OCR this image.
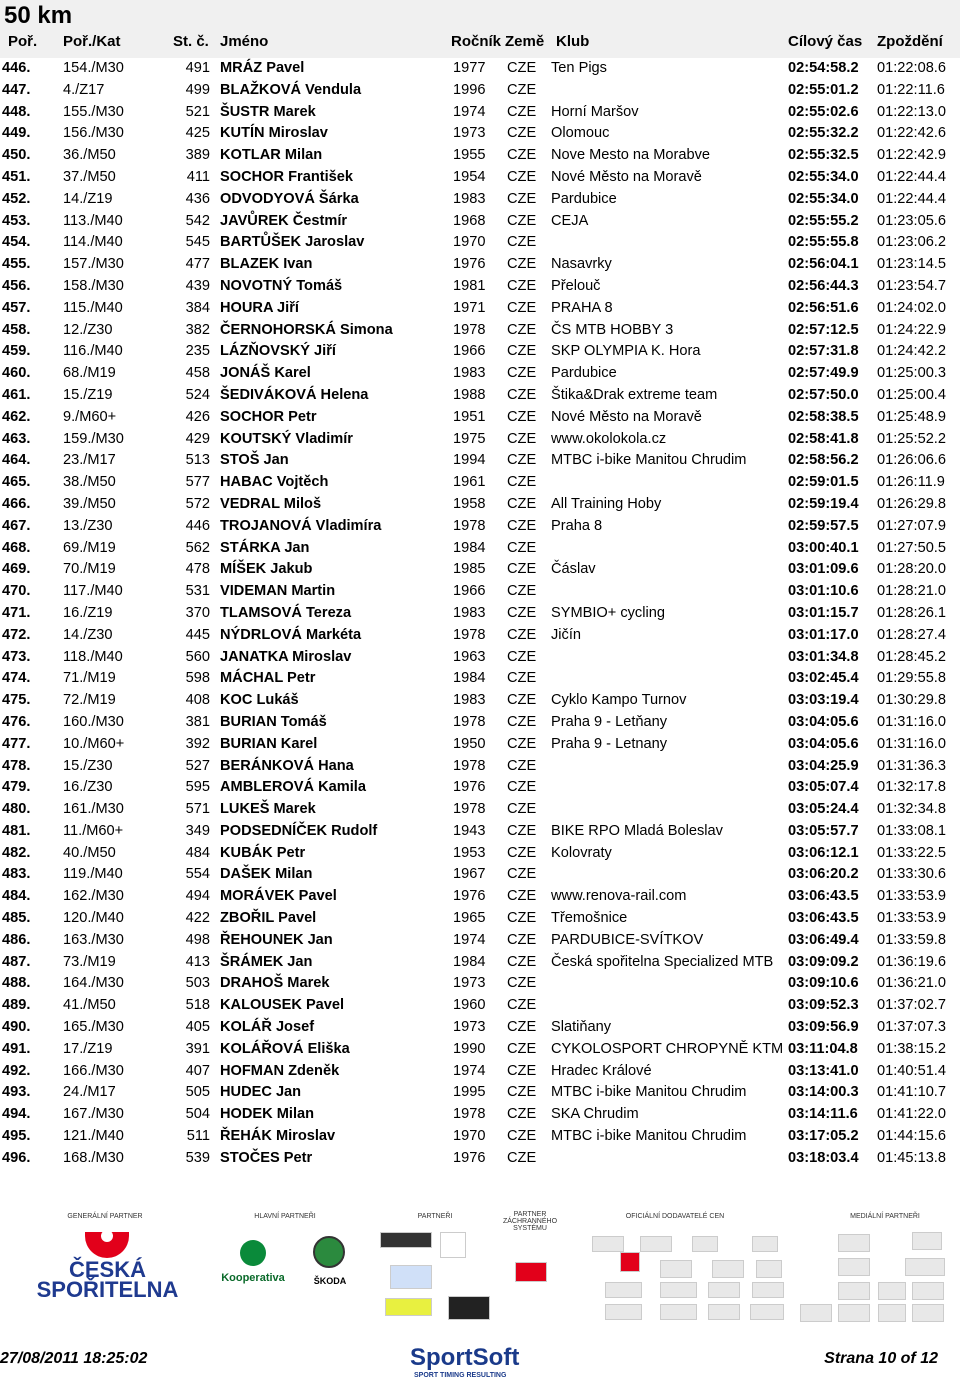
50 km
Poř. Poř./Kat	St. č. Jméno	Ročník Země Klub	Cílový čas Zpoždění
446. 154./M30	491 MRÁZ Pavel	1977 CZE Ten Pigs	02:54:58.2 01:22:08.6
447. 4./Z17	499 BLAŽKOVÁ Vendula	1996 CZE	02:55:01.2 01:22:11.6
448. 155./M30	521 ŠUSTR Marek	1974 CZE Horní Maršov	02:55:02.6 01:22:13.0
449. 156./M30	425 KUTÍN Miroslav	1973 CZE Olomouc	02:55:32.2 01:22:42.6
450. 36./M50	389 KOTLAR Milan	1955 CZE Nove Mesto na Morabve	02:55:32.5 01:22:42.9
451. 37./M50	411 SOCHOR František	1954 CZE Nové Město na Moravě	02:55:34.0 01:22:44.4
452. 14./Z19	436 ODVODYOVÁ Šárka	1983 CZE Pardubice	02:55:34.0 01:22:44.4
453. 113./M40	542 JAVŮREK Čestmír	1968 CZE CEJA	02:55:55.2 01:23:05.6
454. 114./M40	545 BARTŮŠEK Jaroslav	1970 CZE	02:55:55.8 01:23:06.2
455. 157./M30	477 BLAZEK Ivan	1976 CZE Nasavrky	02:56:04.1 01:23:14.5
456. 158./M30	439 NOVOTNÝ Tomáš	1981 CZE Přelouč	02:56:44.3 01:23:54.7
457. 115./M40	384 HOURA Jiří	1971 CZE PRAHA 8	02:56:51.6 01:24:02.0
458. 12./Z30	382 ČERNOHORSKÁ Simona	1978 CZE ČS MTB HOBBY 3	02:57:12.5 01:24:22.9
459. 116./M40	235 LÁZŇOVSKÝ Jiří	1966 CZE SKP OLYMPIA K. Hora	02:57:31.8 01:24:42.2
460. 68./M19	458 JONÁŠ Karel	1983 CZE Pardubice	02:57:49.9 01:25:00.3
461. 15./Z19	524 ŠEDIVÁKOVÁ Helena	1988 CZE Štika&Drak extreme team	02:57:50.0 01:25:00.4
462. 9./M60+	426 SOCHOR Petr	1951 CZE Nové Město na Moravě	02:58:38.5 01:25:48.9
463. 159./M30	429 KOUTSKÝ Vladimír	1975 CZE www.okolokola.cz	02:58:41.8 01:25:52.2
464. 23./M17	513 STOŠ Jan	1994 CZE MTBC i-bike Manitou Chrudim	02:58:56.2 01:26:06.6
465. 38./M50	577 HABAC Vojtěch	1961 CZE	02:59:01.5 01:26:11.9
466. 39./M50	572 VEDRAL Miloš	1958 CZE All Training Hoby	02:59:19.4 01:26:29.8
467. 13./Z30	446 TROJANOVÁ Vladimíra	1978 CZE Praha 8	02:59:57.5 01:27:07.9
468. 69./M19	562 STÁRKA Jan	1984 CZE	03:00:40.1 01:27:50.5
469. 70./M19	478 MÍŠEK Jakub	1985 CZE Čáslav	03:01:09.6 01:28:20.0
470. 117./M40	531 VIDEMAN Martin	1966 CZE	03:01:10.6 01:28:21.0
471. 16./Z19	370 TLAMSOVÁ Tereza	1983 CZE SYMBIO+ cycling	03:01:15.7 01:28:26.1
472. 14./Z30	445 NÝDRLOVÁ Markéta	1978 CZE Jičín	03:01:17.0 01:28:27.4
473. 118./M40	560 JANATKA Miroslav	1963 CZE	03:01:34.8 01:28:45.2
474. 71./M19	598 MÁCHAL Petr	1984 CZE	03:02:45.4 01:29:55.8
475. 72./M19	408 KOC Lukáš	1983 CZE Cyklo Kampo Turnov	03:03:19.4 01:30:29.8
476. 160./M30	381 BURIAN Tomáš	1978 CZE Praha 9 - Letňany	03:04:05.6 01:31:16.0
477. 10./M60+	392 BURIAN Karel	1950 CZE Praha 9 - Letnany	03:04:05.6 01:31:16.0
478. 15./Z30	527 BERÁNKOVÁ Hana	1978 CZE	03:04:25.9 01:31:36.3
479. 16./Z30	595 AMBLEROVÁ Kamila	1976 CZE	03:05:07.4 01:32:17.8
480. 161./M30	571 LUKEŠ Marek	1978 CZE	03:05:24.4 01:32:34.8
481. 11./M60+	349 PODSEDNÍČEK Rudolf	1943 CZE BIKE RPO Mladá Boleslav	03:05:57.7 01:33:08.1
482. 40./M50	484 KUBÁK Petr	1953 CZE Kolovraty	03:06:12.1 01:33:22.5
483. 119./M40	554 DAŠEK Milan	1967 CZE	03:06:20.2 01:33:30.6
484. 162./M30	494 MORÁVEK Pavel	1976 CZE www.renova-rail.com	03:06:43.5 01:33:53.9
485. 120./M40	422 ZBOŘIL Pavel	1965 CZE Třemošnice	03:06:43.5 01:33:53.9
486. 163./M30	498 ŘEHOUNEK Jan	1974 CZE PARDUBICE-SVÍTKOV	03:06:49.4 01:33:59.8
487. 73./M19	413 ŠRÁMEK Jan	1984 CZE Česká spořitelna Specialized MTB 03:09:09.2 01:36:19.6
488. 164./M30	503 DRAHOŠ Marek	1973 CZE	03:09:10.6 01:36:21.0
489. 41./M50	518 KALOUSEK Pavel	1960 CZE	03:09:52.3 01:37:02.7
490. 165./M30	405 KOLÁŘ Josef	1973 CZE Slatiňany	03:09:56.9 01:37:07.3
491. 17./Z19	391 KOLÁŘOVÁ Eliška	1990 CZE CYKOLOSPORT CHROPYNĚ KTM 03:11:04.8 01:38:15.2
492. 166./M30	407 HOFMAN Zdeněk	1974 CZE Hradec Králové	03:13:41.0 01:40:51.4
493. 24./M17	505 HUDEC Jan	1995 CZE MTBC i-bike Manitou Chrudim	03:14:00.3 01:41:10.7
494. 167./M30	504 HODEK Milan	1978 CZE SKA Chrudim	03:14:11.6 01:41:22.0
495. 121./M40	511 ŘEHÁK Miroslav	1970 CZE MTBC i-bike Manitou Chrudim	03:17:05.2 01:44:15.6
496. 168./M30	539 STOČES Petr	1976 CZE	03:18:03.4 01:45:13.8
GENERÁLNÍ PARTNER	HLAVNÍ PARTNEŘI	PARTNEŘI	PARTNER ZÁCHRANNÉHO SYSTÉMU
OFICIÁLNÍ DODAVATELÉ CEN	MEDIÁLNÍ PARTNEŘI
ČESKÁ
SPOŘITELNA	Kooperativa	ŠKODA
27/08/2011 18:25:02	SportSoft
SPORT TIMING RESULTING
Strana 10 of 12
